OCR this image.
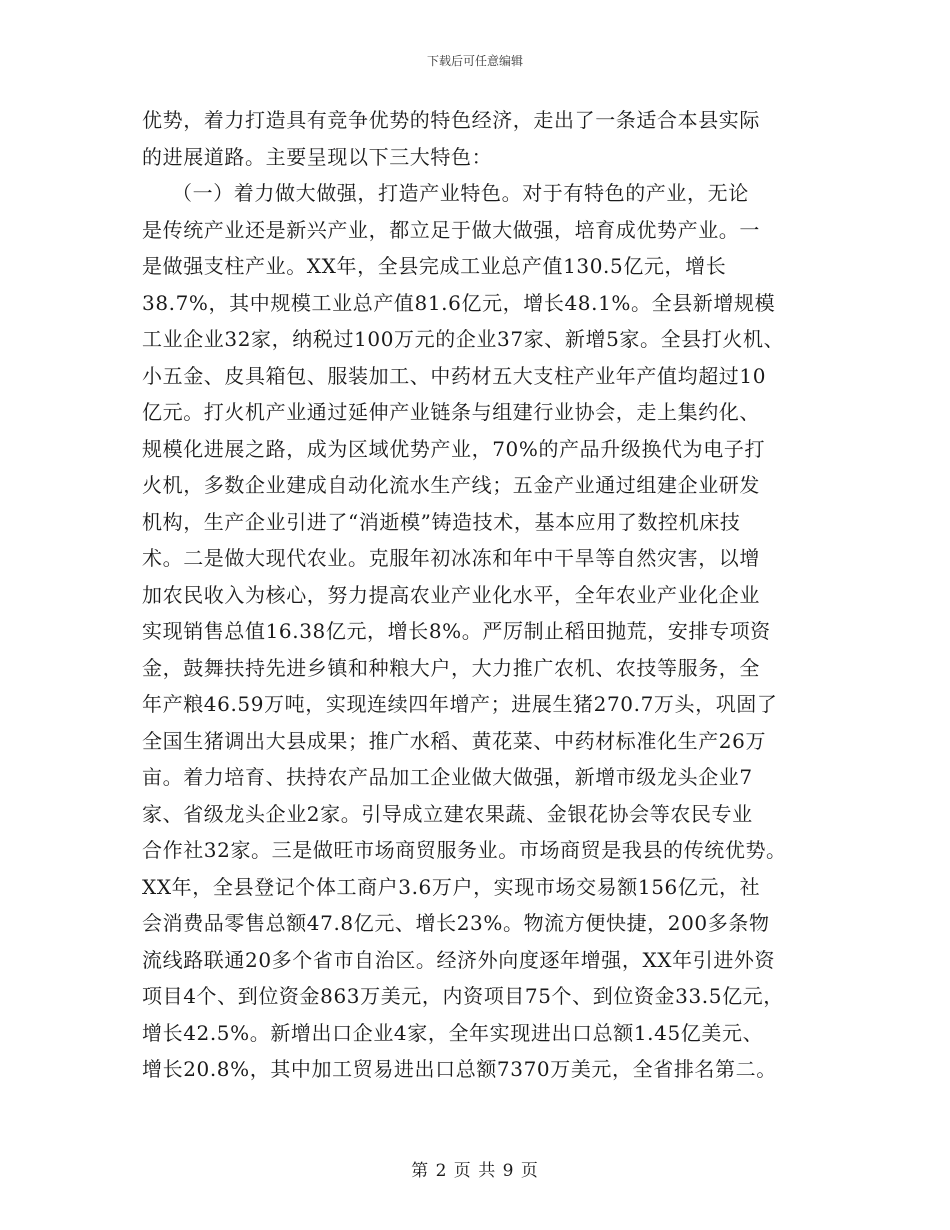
下载后可任意编辑
优势，着力打造具有竞争优势的特色经济，走出了一条适合本县实际
的进展道路。主要呈现以下三大特色：
（一）着力做大做强，打造产业特色。对于有特色的产业，无论
是传统产业还是新兴产业，都立足于做大做强，培育成优势产业。一
是做强支柱产业。XX年，全县完成工业总产值130.5亿元，增长
38.7%，其中规模工业总产值81.6亿元，增长48.1%。全县新增规模
工业企业32家，纳税过100万元的企业37家、新增5家。全县打火机、
小五金、皮具箱包、服装加工、中药材五大支柱产业年产值均超过10
亿元。打火机产业通过延伸产业链条与组建行业协会，走上集约化、
规模化进展之路，成为区域优势产业，70%的产品升级换代为电子打
火机，多数企业建成自动化流水生产线；五金产业通过组建企业研发
机构，生产企业引进了“消逝模”铸造技术，基本应用了数控机床技
术。二是做大现代农业。克服年初冰冻和年中干旱等自然灾害，以增
加农民收入为核心，努力提高农业产业化水平，全年农业产业化企业
实现销售总值16.38亿元，增长8%。严厉制止稻田抛荒，安排专项资
金，鼓舞扶持先进乡镇和种粮大户，大力推广农机、农技等服务，全
年产粮46.59万吨，实现连续四年增产；进展生猪270.7万头，巩固了
全国生猪调出大县成果；推广水稻、黄花菜、中药材标准化生产26万
亩。着力培育、扶持农产品加工企业做大做强，新增市级龙头企业7
家、省级龙头企业2家。引导成立建农果蔬、金银花协会等农民专业
合作社32家。三是做旺市场商贸服务业。市场商贸是我县的传统优势。
XX年，全县登记个体工商户3.6万户，实现市场交易额156亿元，社
会消费品零售总额47.8亿元、增长23%。物流方便快捷，200多条物
流线路联通20多个省市自治区。经济外向度逐年增强，XX年引进外资
项目4个、到位资金863万美元，内资项目75个、到位资金33.5亿元，
增长42.5%。新增出口企业4家，全年实现进出口总额1.45亿美元、
增长20.8%，其中加工贸易进出口总额7370万美元，全省排名第二。
第 2 页 共 9 页
